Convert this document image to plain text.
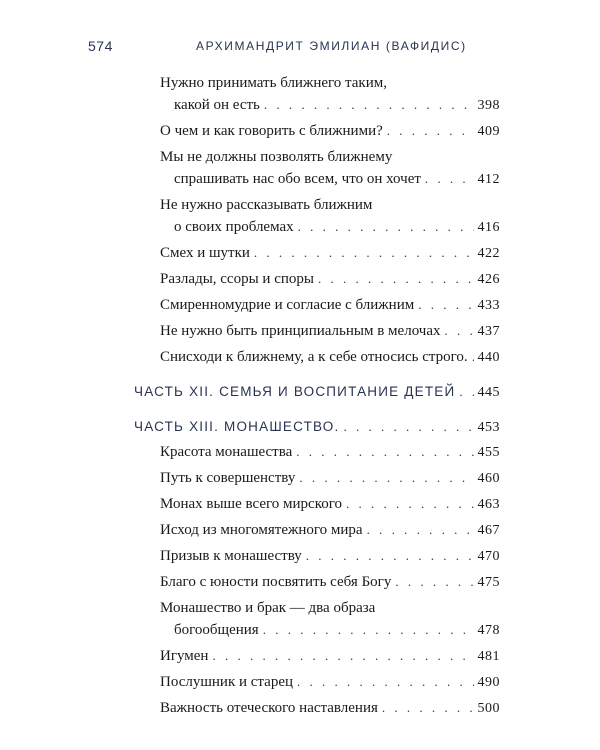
574	АРХИМАНДРИТ ЭМИЛИАН (ВАФИДИС)
Нужно принимать ближнего таким,
какой он есть . . .	398
О чем и как говорить с ближними? . . .	409
Мы не должны позволять ближнему
спрашивать нас обо всем, что он хочет . . .	412
Не нужно рассказывать ближним
о своих проблемах . . .	416
Смех и шутки . . .	422
Разлады, ссоры и споры . . .	426
Смиренномудрие и согласие с ближним . . .	433
Не нужно быть принципиальным в мелочах . . .	437
Снисходи к ближнему, а к себе относись строго. . . . 440
ЧАСТЬ XII. СЕМЬЯ И ВОСПИТАНИЕ ДЕТЕЙ . . . 445
ЧАСТЬ XIII. МОНАШЕСТВО. . . .	453
Красота монашества . . .	455
Путь к совершенству . . .	460
Монах выше всего мирского . . .	463
Исход из многомятежного мира . . .	467
Призыв к монашеству . . .	470
Благо с юности посвятить себя Богу . . .	475
Монашество и брак — два образа
богообщения . . .	478
Игумен . . .	481
Послушник и старец . . .	490
Важность отеческого наставления . . .	500
